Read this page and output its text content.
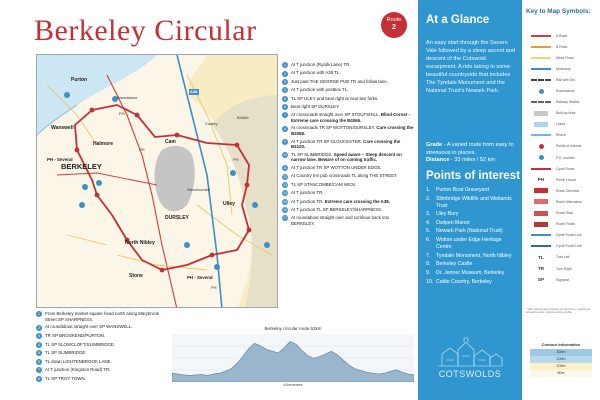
Berkeley Circular	Route
2
BERKELEY
DURSLEY
North Nibley
Cam
Ulley
Purton
Halmore
Stone
Wanswell
PH
PH
PH
PH
Coaley
Stinchcombe
Breadstone
PH - Several
PH - Several
A38
B4066
1	At T junction (Ryalls Lane) TR.
2	At T junction with A38 TL.
3	Just past THE GEORGE PUB TR and follow lane.
4	At T junction with postbox TL.
5	TL SP ULEY and bear right at next two forks.
6	Bear right SP DURSLEY.
7	At crossroads straight over SP STOUTSHILL. Blind Corner - Extreme care crossing the B4066.
8	At crossroads TR SP WOTTON/DURSLEY. Care crossing the B4058.
9	At T junction TR SP GLOUCESTER. Care crossing the B4120.
10 TL SP SLIMBRIDGE. Speed aware – Steep descent on narrow lane. Beware of on coming traffic.
11 At T junction TR SP WOTTON UNDER EDGE.
12 At Country Inn pub crossroads TL along THE STREET.
13 TL SP STANCOMBE/CAM WICK.
14 At T junction TR.
15 At T junction TR. Extreme care crossing the A38.
16 At T junction TL SP BERKELEY/SHARPNESS.
17 At roundabout straight over and continue back into BERKELEY.
1	From Berkeley market square head north along Marybrook Street SP SHARPNESS.
2	At roundabout straight over SP WANSWELL.
3	TR SP BROOKEND/PURTON.
4	TL SP SLOWCLOFT/SLIMBRIDGE.
5	TL SP SLIMBRIDGE.
6	TL down LIGHTENBROOK LANE.
7	At T junction (Kingston Road) TR.
8	TL SP TROY TOWN.
Berkeley circular route 52km
Kilometres
At a Glance
An easy start through the Severn Vale followed by a steep ascent and descent of the Cotswold escarpment. A ride taking in some beautiful countryside that includes The Tyndale Monument and the National Trust's Newark Park.
Grade - A varied route from easy to strenuous in places.
Distance - 33 miles / 52 km
Points of interest
1.	Purton Boat Graveyard
2.	Slimbridge Wildlife and Wetlands Trust
3.	Uley Bury
4.	Owlpen Manor
5.	Newark Park (National Trust)
6.	Wotton under Edge Heritage Centre
7.	Tyndale Monument, North Nibley
8.	Berkeley Castle
9.	Dr. Jenner Museum, Berkeley
10. Cattle Country, Berkeley
COTSWOLDS
Key to Map Symbols:
A Road
B Road
Minor Road
Motorway
Rail with Stn.
Roundabout
Railway Station
Built-up Area
Lakes
Rivers
Points of Interest
P.O. number
Cycle Route
PH	Public House
Route Direction
Route Alternative
Route Start
Route Finish
Cycle Route Link
Cycle Route Line
TL	Turn Left
TR	Turn Right
SP	Signpost
* Take care at road crossings and junctions. Cyclists are advised to wear a helmet and be visible.
Contour Information
300m
200m
100m
50m
